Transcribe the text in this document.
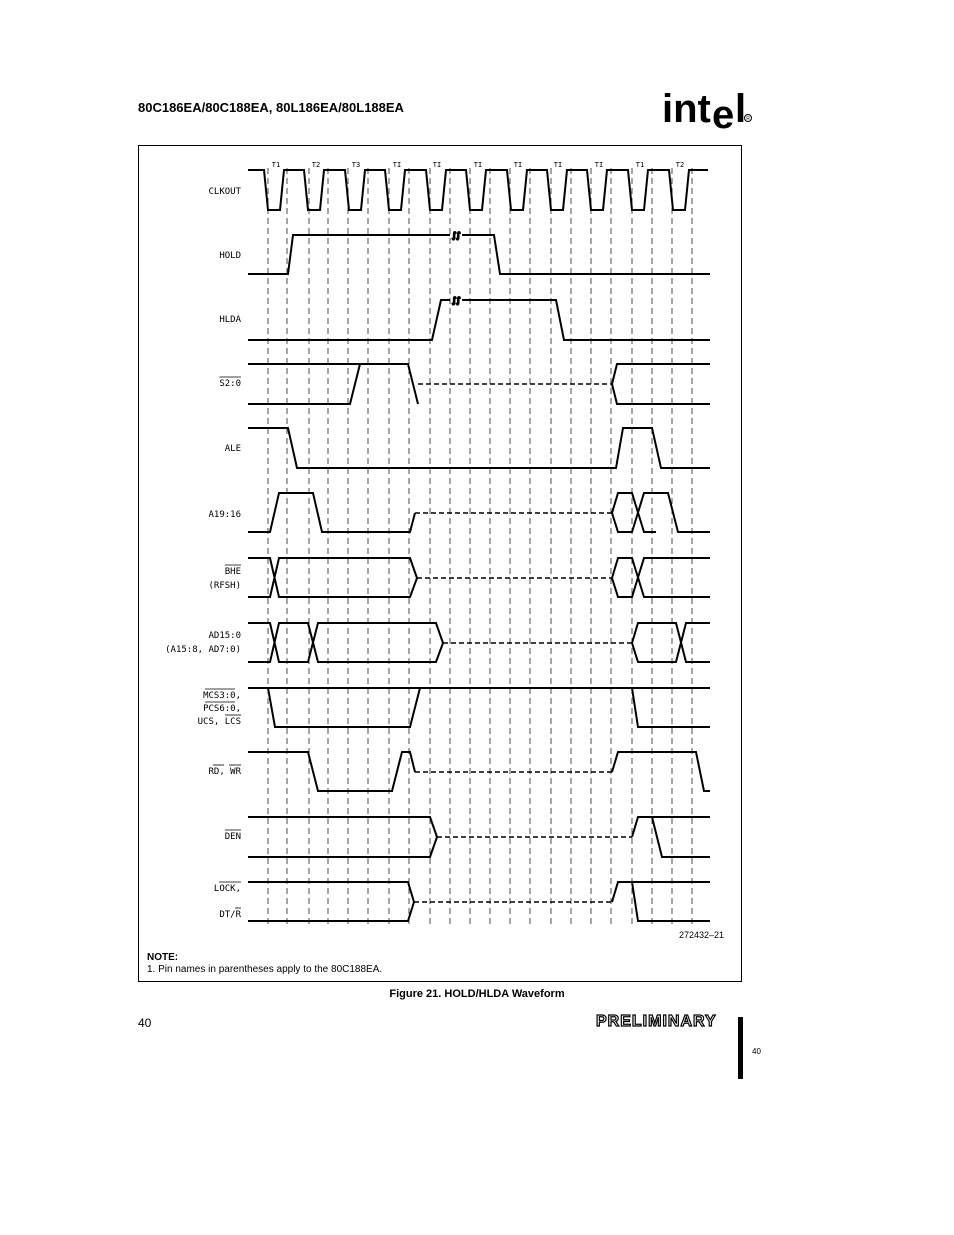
80C186EA/80C188EA, 80L186EA/80L188EA	int e l R
T1	T2	T3	TI	TI	TI	TI	TI	TI	T1	T2
CLKOUT
HOLD
HLDA
S2:0
ALE
A19:16
BHE
(RFSH)
AD15:0
(A15:8, AD7:0)
MCS3:0,
PCS6:0,
UCS, LCS
RD, WR
DEN
LOCK,
DT/R
∫∫
∫∫
272432–21
NOTE:
1. Pin names in parentheses apply to the 80C188EA.
Figure 21. HOLD/HLDA Waveform
40	PRELIMINARY
40
